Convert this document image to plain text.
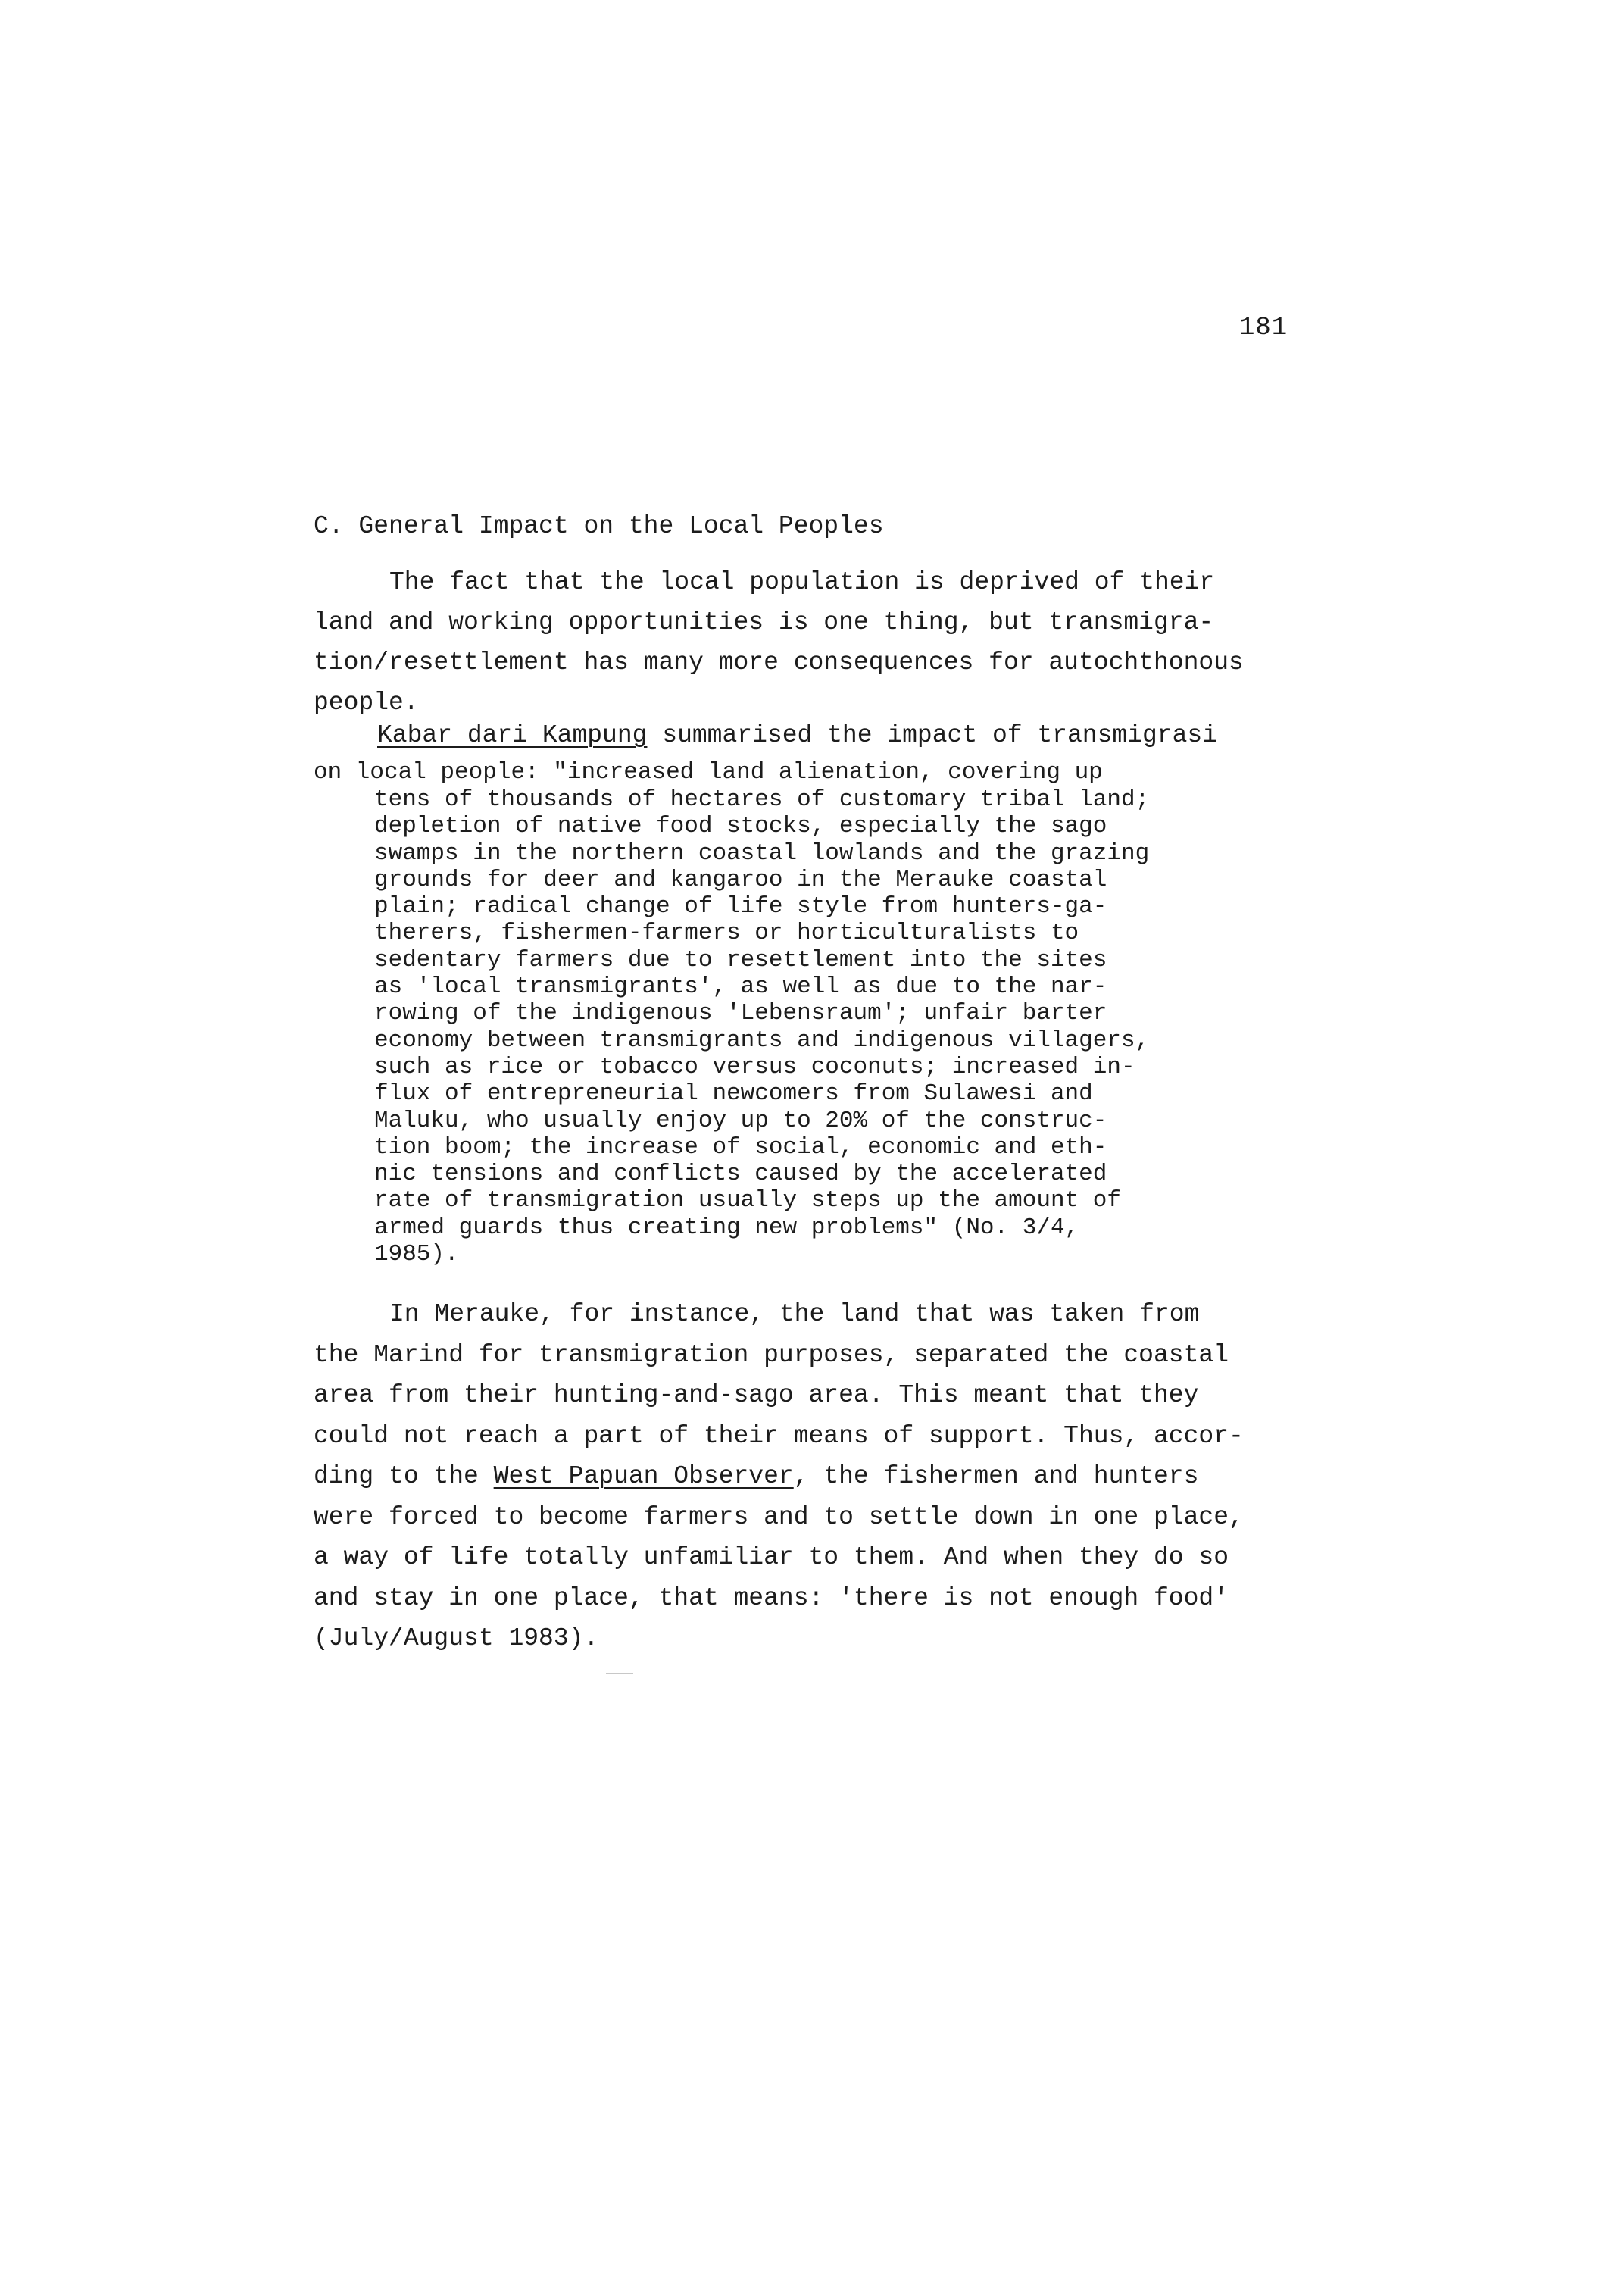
181
C. General Impact on the Local Peoples
The fact that the local population is deprived of their
land and working opportunities is one thing, but transmigra-
tion/resettlement has many more consequences for autochthonous
people.
Kabar dari Kampung summarised the impact of transmigrasi
on local people: "increased land alienation, covering up
tens of thousands of hectares of customary tribal land;
depletion of native food stocks, especially the sago
swamps in the northern coastal lowlands and the grazing
grounds for deer and kangaroo in the Merauke coastal
plain; radical change of life style from hunters-ga-
therers, fishermen-farmers or horticulturalists to
sedentary farmers due to resettlement into the sites
as 'local transmigrants', as well as due to the nar-
rowing of the indigenous 'Lebensraum'; unfair barter
economy between transmigrants and indigenous villagers,
such as rice or tobacco versus coconuts; increased in-
flux of entrepreneurial newcomers from Sulawesi and
Maluku, who usually enjoy up to 20% of the construc-
tion boom; the increase of social, economic and eth-
nic tensions and conflicts caused by the accelerated
rate of transmigration usually steps up the amount of
armed guards thus creating new problems" (No. 3/4,
1985).
In Merauke, for instance, the land that was taken from
the Marind for transmigration purposes, separated the coastal
area from their hunting-and-sago area. This meant that they
could not reach a part of their means of support. Thus, accor-
ding to the West Papuan Observer, the fishermen and hunters
were forced to become farmers and to settle down in one place,
a way of life totally unfamiliar to them. And when they do so
and stay in one place, that means: 'there is not enough food'
(July/August 1983).
